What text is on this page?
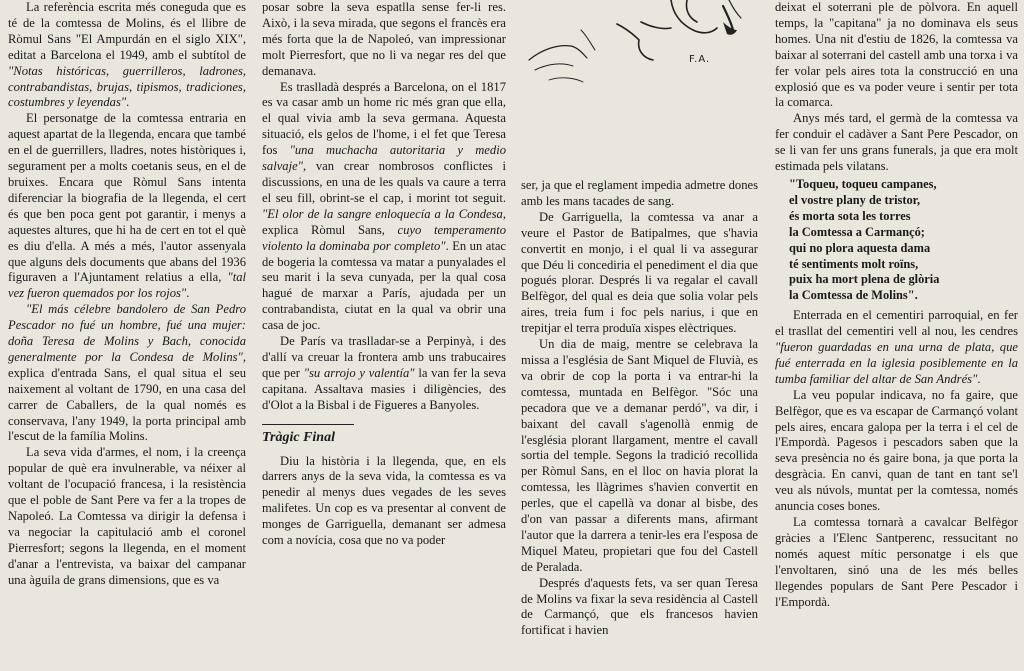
La referència escrita més coneguda que es té de la comtessa de Molins, és el llibre de Ròmul Sans "El Ampurdán en el siglo XIX", editat a Barcelona el 1949, amb el subtítol de "Notas históricas, guerrilleros, ladrones, contrabandistas, brujas, tipismos, tradiciones, costumbres y leyendas".

El personatge de la comtessa entraria en aquest apartat de la llegenda, encara que també en el de guerrillers, lladres, notes històriques i, segurament per a molts coetanis seus, en el de bruixes. Encara que Ròmul Sans intenta diferenciar la biografia de la llegenda, el cert és que ben poca gent pot garantir, i menys a aquestes altures, que hi ha de cert en tot el què es diu d'ella. A més a més, l'autor assenyala que alguns dels documents que abans del 1936 figuraven a l'Ajuntament relatius a ella, "tal vez fueron quemados por los rojos".

"El más célebre bandolero de San Pedro Pescador no fué un hombre, fué una mujer: doña Teresa de Molins y Bach, conocida generalmente por la Condesa de Molins", explica d'entrada Sans, el qual situa el seu naixement al voltant de 1790, en una casa del carrer de Caballers, de la qual només es conservava, l'any 1949, la porta principal amb l'escut de la família Molins.

La seva vida d'armes, el nom, i la creença popular de què era invulnerable, va néixer al voltant de l'ocupació francesa, i la resistència que el poble de Sant Pere va fer a la tropes de Napoleó. La Comtessa va dirigir la defensa i va negociar la capitulació amb el coronel Pierresfort; segons la llegenda, en el moment d'anar a l'entrevista, va baixar del campanar una àguila de grans dimensions, que es va

posar sobre la seva espatlla sense fer-li res. Això, i la seva mirada, que segons el francès era més forta que la de Napoleó, van impressionar molt Pierresfort, que no li va negar res del que demanava.

Es traslladà després a Barcelona, on el 1817 es va casar amb un home ric més gran que ella, el qual vivia amb la seva germana. Aquesta situació, els gelos de l'home, i el fet que Teresa fos "una muchacha autoritaria y medio salvaje", van crear nombrosos conflictes i discussions, en una de les quals va caure a terra el seu fill, obrint-se el cap, i morint tot seguit. "El olor de la sangre enloquecía a la Condesa, explica Ròmul Sans, cuyo temperamento violento la dominaba por completo". En un atac de bogeria la comtessa va matar a punyalades el seu marit i la seva cunyada, per la qual cosa hagué de marxar a París, ajudada per un contrabandista, ciutat en la qual va obrir una casa de joc.

De París va traslladar-se a Perpinyà, i des d'allí va creuar la frontera amb uns trabucaires que per "su arrojo y valentía" la van fer la seva capitana. Assaltava masies i diligències, des d'Olot a la Bisbal i de Figueres a Banyoles.

Tràgic Final

Diu la història i la llegenda, que, en els darrers anys de la seva vida, la comtessa es va penedir al menys dues vegades de les seves malifetes. Un cop es va presentar al convent de monges de Garriguella, demanant ser admesa com a novícia, cosa que no va poder

F.A.

ser, ja que el reglament impedia admetre dones amb les mans tacades de sang.

De Garriguella, la comtessa va anar a veure el Pastor de Batipalmes, que s'havia convertit en monjo, i el qual li va assegurar que Déu li concediria el penediment el dia que pogués plorar. Després li va regalar el cavall Belfègor, del qual es deia que solia volar pels aires, treia fum i foc pels narius, i que en trepitjar el terra produïa xispes elèctriques.

Un dia de maig, mentre se celebrava la missa a l'església de Sant Miquel de Fluvià, es va obrir de cop la porta i va entrar-hi la comtessa, muntada en Belfègor. "Sóc una pecadora que ve a demanar perdó", va dir, i baixant del cavall s'agenollà enmig de l'església plorant llargament, mentre el cavall sortia del temple. Segons la tradició recollida per Ròmul Sans, en el lloc on havia plorat la comtessa, les llàgrimes s'havien convertit en perles, que el capellà va donar al bisbe, des d'on van passar a diferents mans, afirmant l'autor que la darrera a tenir-les era l'esposa de Miquel Mateu, propietari que fou del Castell de Peralada.

Després d'aquests fets, va ser quan Teresa de Molins va fixar la seva residència al Castell de Carmançó, que els francesos havien fortificat i havien

deixat el soterrani ple de pòlvora. En aquell temps, la "capitana" ja no dominava els seus homes. Una nit d'estiu de 1826, la comtessa va baixar al soterrani del castell amb una torxa i va fer volar pels aires tota la construcció en una explosió que es va poder veure i sentir per tota la comarca.

Anys més tard, el germà de la comtessa va fer conduir el cadàver a Sant Pere Pescador, on se li van fer uns grans funerals, ja que era molt estimada pels vilatans.

"Toqueu, toqueu campanes,
el vostre plany de tristor,
és morta sota les torres
la Comtessa a Carmançó;
qui no plora aquesta dama
té sentiments molt roïns,
puix ha mort plena de glòria
la Comtessa de Molins".

Enterrada en el cementiri parroquial, en fer el trasllat del cementiri vell al nou, les cendres "fueron guardadas en una urna de plata, que fué enterrada en la iglesia posiblemente en la tumba familiar del altar de San Andrés".

La veu popular indicava, no fa gaire, que Belfègor, que es va escapar de Carmançó volant pels aires, encara galopa per la terra i el cel de l'Empordà. Pagesos i pescadors saben que la seva presència no és gaire bona, ja que porta la desgràcia. En canvi, quan de tant en tant se'l veu als núvols, muntat per la comtessa, només anuncia coses bones.

La comtessa tornarà a cavalcar Belfègor gràcies a l'Elenc Santperenc, ressucitant no només aquest mític personatge i els que l'envoltaren, sinó una de les més belles llegendes populars de Sant Pere Pescador i l'Empordà.
